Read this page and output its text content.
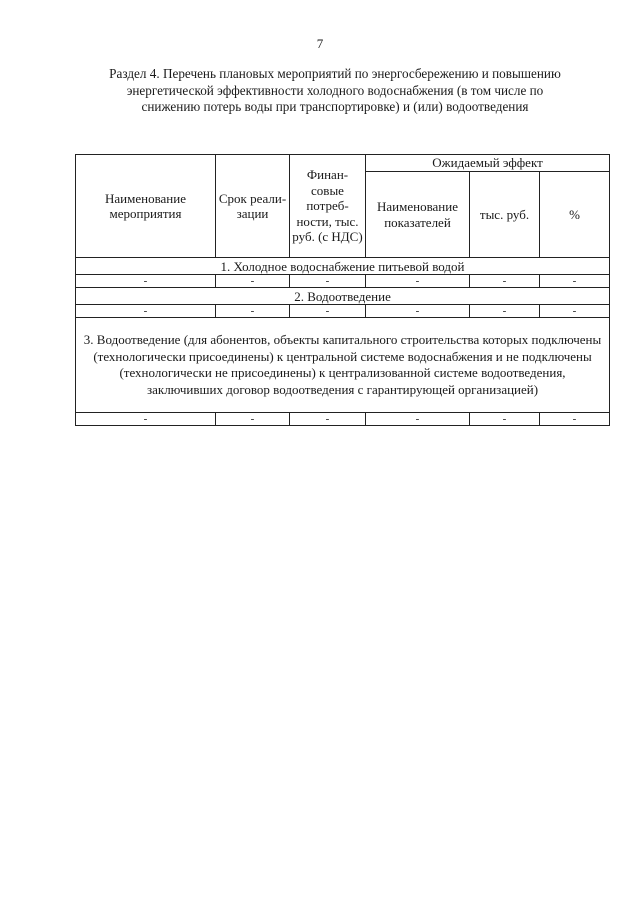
7
Раздел 4. Перечень плановых мероприятий по энергосбережению и повышению энергетической эффективности холодного водоснабжения (в том числе по снижению потерь воды при транспортировке) и (или) водоотведения
Наименование мероприятия	Срок реали-зации	Финан-совые потреб-ности, тыс. руб. (с НДС)	Ожидаемый эффект		
			Наименование показателей	тыс. руб.	%
1. Холодное водоснабжение питьевой водой					
-	-	-	-	-	-
2. Водоотведение					
-	-	-	-	-	-
3. Водоотведение (для абонентов, объекты капитального строительства которых подключены (технологически присоединены) к центральной системе водоснабжения и не подключены (технологически не присоединены) к централизованной системе водоотведения, заключивших договор водоотведения с гарантирующей организацией)					
-	-	-	-	-	-
